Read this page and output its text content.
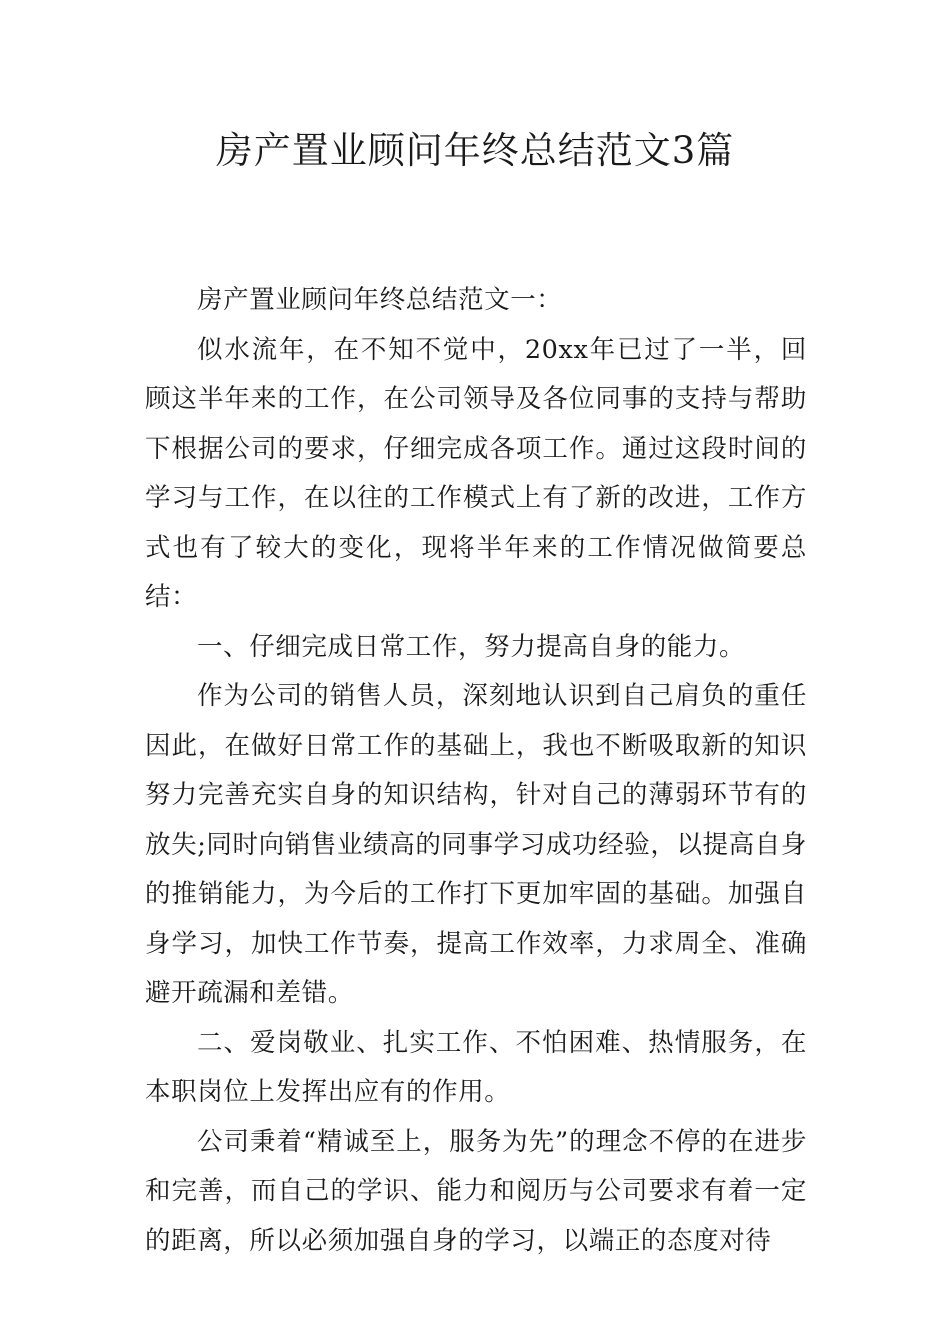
房产置业顾问年终总结范文3篇

房产置业顾问年终总结范文一：

似水流年，在不知不觉中，20xx年已过了一半，回顾这半年来的工作，在公司领导及各位同事的支持与帮助下根据公司的要求，仔细完成各项工作。通过这段时间的学习与工作，在以往的工作模式上有了新的改进，工作方式也有了较大的变化，现将半年来的工作情况做简要总结：

一、仔细完成日常工作，努力提高自身的能力。

作为公司的销售人员，深刻地认识到自己肩负的重任因此，在做好日常工作的基础上，我也不断吸取新的知识努力完善充实自身的知识结构，针对自己的薄弱环节有的放失;同时向销售业绩高的同事学习成功经验，以提高自身的推销能力，为今后的工作打下更加牢固的基础。加强自身学习，加快工作节奏，提高工作效率，力求周全、准确避开疏漏和差错。

二、爱岗敬业、扎实工作、不怕困难、热情服务，在本职岗位上发挥出应有的作用。

公司秉着“精诚至上，服务为先”的理念不停的在进步和完善，而自己的学识、能力和阅历与公司要求有着一定的距离，所以必须加强自身的学习，以端正的态度对待
